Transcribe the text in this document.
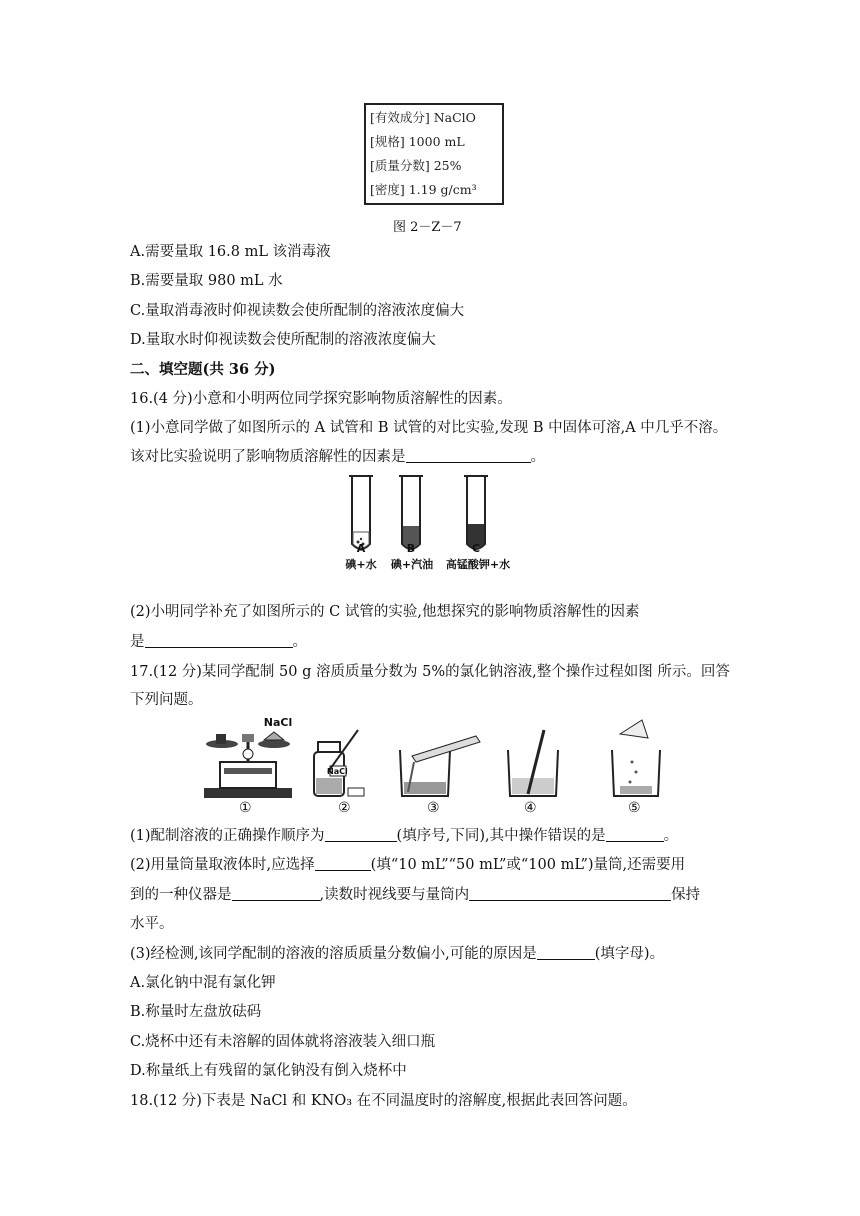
[有效成分] NaClO
[规格] 1000 mL
[质量分数] 25%
[密度] 1.19 g/cm³
图 2－Z－7
A.需要量取 16.8 mL 该消毒液
B.需要量取 980 mL 水
C.量取消毒液时仰视读数会使所配制的溶液浓度偏大
D.量取水时仰视读数会使所配制的溶液浓度偏大
二、填空题(共 36 分)
16.(4 分)小意和小明两位同学探究影响物质溶解性的因素。
(1)小意同学做了如图所示的 A 试管和 B 试管的对比实验,发现 B 中固体可溶,A 中几乎不溶。
该对比实验说明了影响物质溶解性的因素是	。
A	B	C
碘+水	碘+汽油	高锰酸钾+水
(2)小明同学补充了如图所示的 C 试管的实验,他想探究的影响物质溶解性的因素
是	。
17.(12 分)某同学配制 50 g 溶质质量分数为 5%的氯化钠溶液,整个操作过程如图 所示。回答
下列问题。
NaCl
NaCl
①	②	③	④	⑤
(1)配制溶液的正确操作顺序为	(填序号,下同),其中操作错误的是	。
(2)用量筒量取液体时,应选择	(填“10 mL”“50 mL”或“100 mL”)量筒,还需要用
到的一种仪器是	,读数时视线要与量筒内	保持
水平。
(3)经检测,该同学配制的溶液的溶质质量分数偏小,可能的原因是	(填字母)。
A.氯化钠中混有氯化钾
B.称量时左盘放砝码
C.烧杯中还有未溶解的固体就将溶液装入细口瓶
D.称量纸上有残留的氯化钠没有倒入烧杯中
18.(12 分)下表是 NaCl 和 KNO₃ 在不同温度时的溶解度,根据此表回答问题。
